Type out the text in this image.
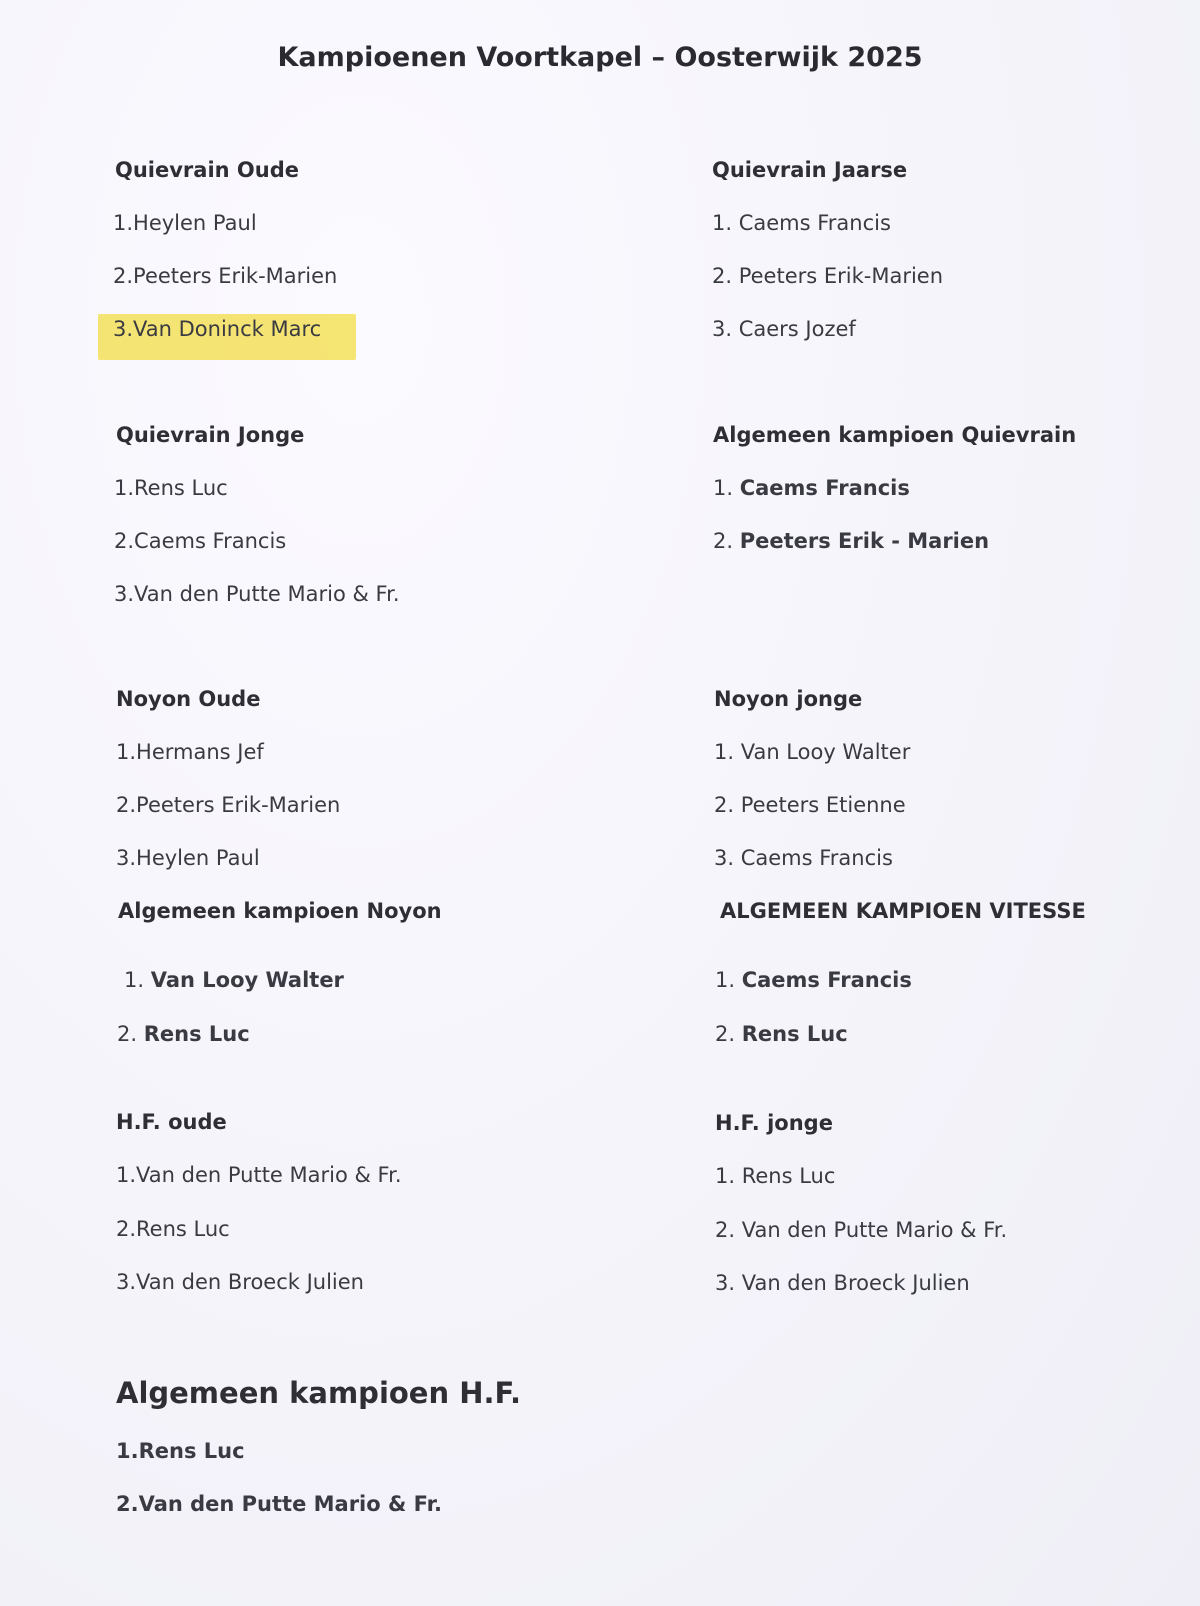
Kampioenen Voortkapel – Oosterwijk 2025
Quievrain Oude
1.Heylen Paul
2.Peeters Erik-Marien
3.Van Doninck Marc
Quievrain Jonge
1.Rens Luc
2.Caems Francis
3.Van den Putte Mario & Fr.
Noyon Oude
1.Hermans Jef
2.Peeters Erik-Marien
3.Heylen Paul
Algemeen kampioen Noyon
1. Van Looy Walter
2. Rens Luc
H.F. oude
1.Van den Putte Mario & Fr.
2.Rens Luc
3.Van den Broeck Julien
Algemeen kampioen H.F.
1.Rens Luc
2.Van den Putte Mario & Fr.
Quievrain Jaarse
1. Caems Francis
2. Peeters Erik-Marien
3. Caers Jozef
Algemeen kampioen Quievrain
1. Caems Francis
2. Peeters Erik - Marien
Noyon jonge
1. Van Looy Walter
2. Peeters Etienne
3. Caems Francis
ALGEMEEN KAMPIOEN VITESSE
1. Caems Francis
2. Rens Luc
H.F. jonge
1. Rens Luc
2. Van den Putte Mario & Fr.
3. Van den Broeck Julien
